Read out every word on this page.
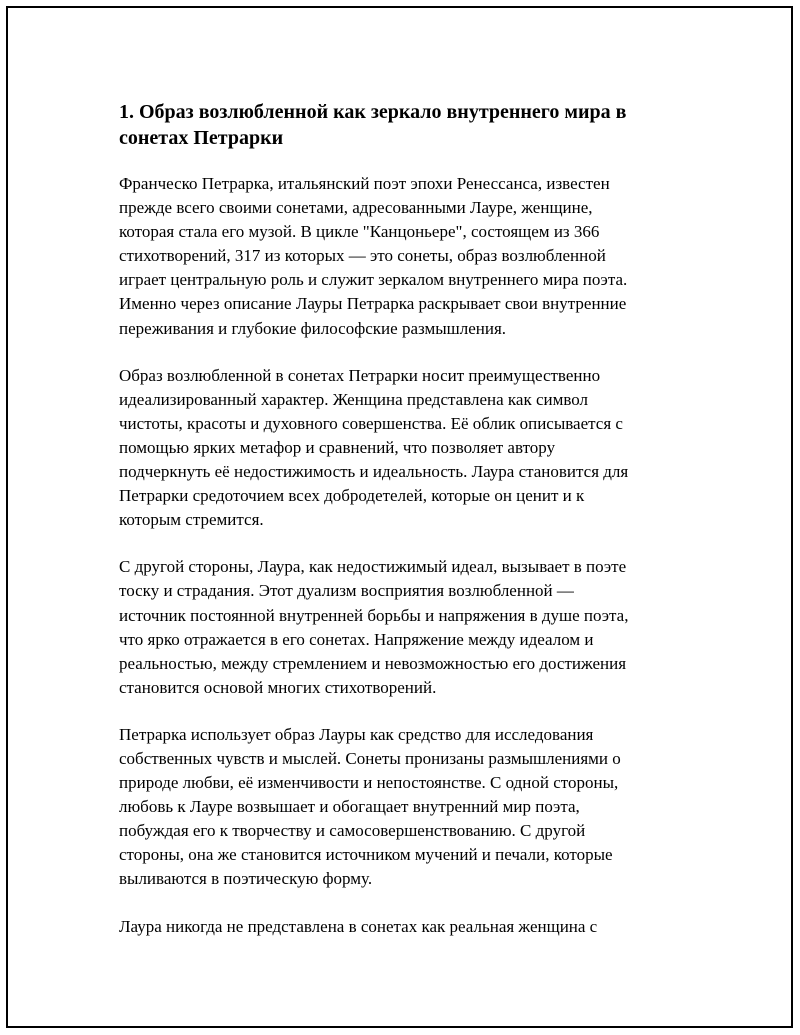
1. Образ возлюбленной как зеркало внутреннего мира в
сонетах Петрарки

Франческо Петрарка, итальянский поэт эпохи Ренессанса, известен
прежде всего своими сонетами, адресованными Лауре, женщине,
которая стала его музой. В цикле "Канцоньере", состоящем из 366
стихотворений, 317 из которых — это сонеты, образ возлюбленной
играет центральную роль и служит зеркалом внутреннего мира поэта.
Именно через описание Лауры Петрарка раскрывает свои внутренние
переживания и глубокие философские размышления.

Образ возлюбленной в сонетах Петрарки носит преимущественно
идеализированный характер. Женщина представлена как символ
чистоты, красоты и духовного совершенства. Её облик описывается с
помощью ярких метафор и сравнений, что позволяет автору
подчеркнуть её недостижимость и идеальность. Лаура становится для
Петрарки средоточием всех добродетелей, которые он ценит и к
которым стремится.

С другой стороны, Лаура, как недостижимый идеал, вызывает в поэте
тоску и страдания. Этот дуализм восприятия возлюбленной —
источник постоянной внутренней борьбы и напряжения в душе поэта,
что ярко отражается в его сонетах. Напряжение между идеалом и
реальностью, между стремлением и невозможностью его достижения
становится основой многих стихотворений.

Петрарка использует образ Лауры как средство для исследования
собственных чувств и мыслей. Сонеты пронизаны размышлениями о
природе любви, её изменчивости и непостоянстве. С одной стороны,
любовь к Лауре возвышает и обогащает внутренний мир поэта,
побуждая его к творчеству и самосовершенствованию. С другой
стороны, она же становится источником мучений и печали, которые
выливаются в поэтическую форму.

Лаура никогда не представлена в сонетах как реальная женщина с
